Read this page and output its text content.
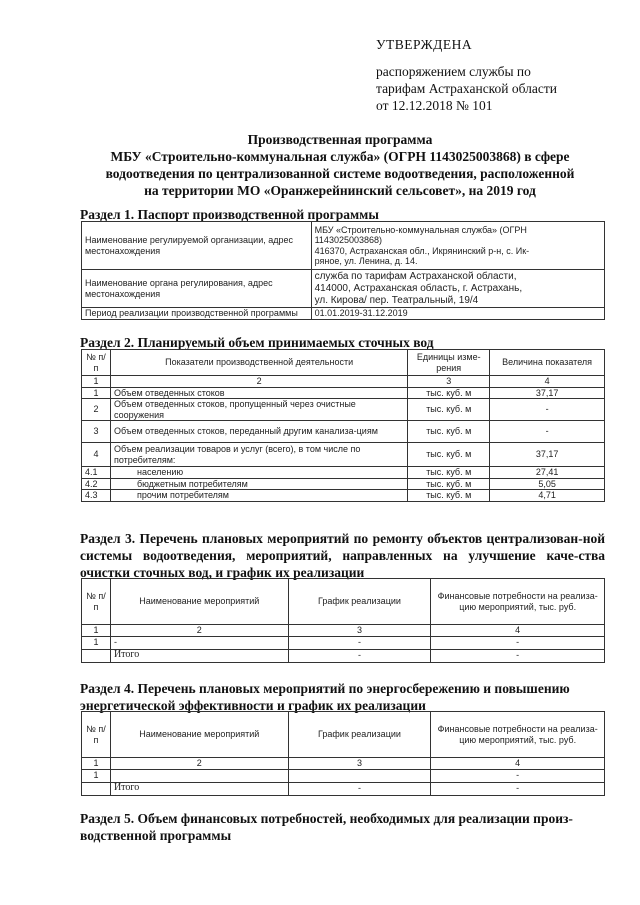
УТВЕРЖДЕНА
распоряжением службы по
тарифам Астраханской области
от 12.12.2018 № 101
Производственная программа
МБУ «Строительно-коммунальная служба» (ОГРН 1143025003868) в сфере
водоотведения по централизованной системе водоотведения, расположенной
на территории МО «Оранжерейнинский сельсовет», на 2019 год
Раздел 1. Паспорт производственной программы
Наименование регулируемой организации, адрес местонахождения	МБУ «Строительно-коммунальная служба» (ОГРН
1143025003868)
416370, Астраханская обл., Икрянинский р-н, с. Ик-
ряное, ул. Ленина, д. 14.

Наименование органа регулирования, адрес местонахождения	служба по тарифам Астраханской области,
414000, Астраханская область, г. Астрахань,
ул. Кирова/ пер. Театральный, 19/4

Период реализации производственной программы	01.01.2019-31.12.2019
Раздел 2. Планируемый объем принимаемых сточных вод
№ п/п	Показатели производственной деятельности	Единицы изме-рения	Величина показателя
1	2	3	4
1	Объем отведенных стоков	тыс. куб. м	37,17
2	Объем отведенных стоков, пропущенный через очистные сооружения	тыс. куб. м	-
3	Объем отведенных стоков, переданный другим канализа-циям	тыс. куб. м	-
4	Объем реализации товаров и услуг (всего), в том числе по потребителям:	тыс. куб. м	37,17
4.1	населению	тыс. куб. м	27,41
4.2	бюджетным потребителям	тыс. куб. м	5,05
4.3	прочим потребителям	тыс. куб. м	4,71
Раздел 3. Перечень плановых мероприятий по ремонту объектов централизован-ной системы водоотведения, мероприятий, направленных на улучшение каче-ства очистки сточных вод, и график их реализации
№ п/п	Наименование мероприятий	График реализации	Финансовые потребности на реализа-цию мероприятий, тыс. руб.
1	2	3	4
1	-	-	-
	Итого	-	-
Раздел 4. Перечень плановых мероприятий по энергосбережению и повышению энергетической эффективности и график их реализации
№ п/п	Наименование мероприятий	График реализации	Финансовые потребности на реализа-цию мероприятий, тыс. руб.
1	2	3	4
1			-
	Итого	-	-
Раздел 5. Объем финансовых потребностей, необходимых для реализации произ-водственной программы
